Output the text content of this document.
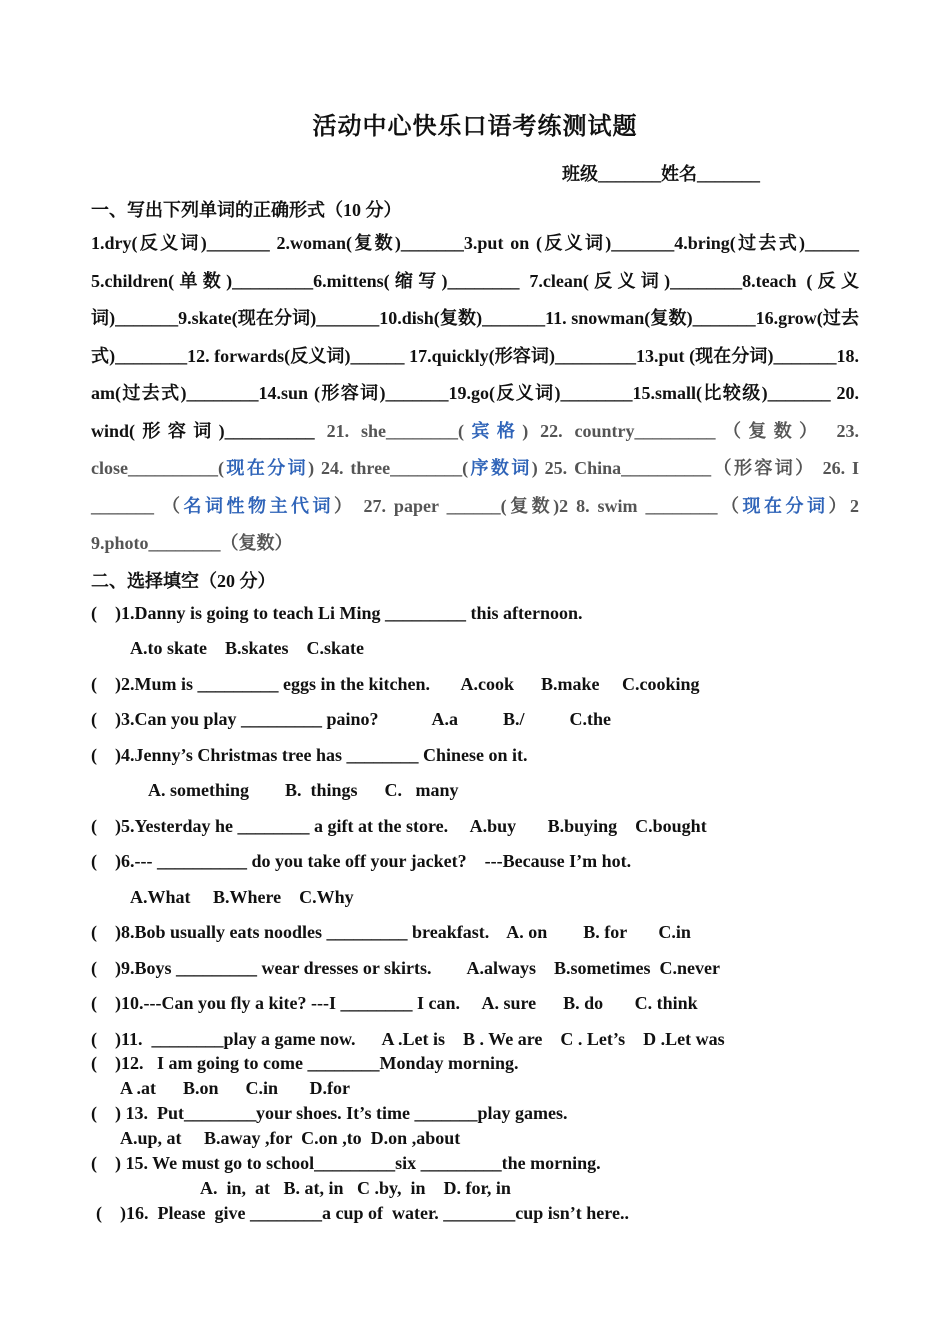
活动中心快乐口语考练测试题
班级_______姓名_______
一、写出下列单词的正确形式（10 分）
1.dry(反义词)_______ 2.woman(复数)_______3.put on (反义词)_______4.bring(过去式)______ 5.children(单数)_________6.mittens(缩写)________ 7.clean(反义词)________8.teach (反义词)_______9.skate(现在分词)_______10.dish(复数)_______11. snowman(复数)_______16.grow(过去式)________12. forwards(反义词)______ 17.quickly(形容词)_________13.put (现在分词)_______18. am(过去式)________14.sun (形容词)_______19.go(反义词)________15.small(比较级)_______ 20. wind(形容词)__________ 21. she________(宾格) 22. country_________（复数） 23. close__________(现在分词) 24. three________(序数词) 25. China__________（形容词） 26. I _______ （名词性物主代词） 27. paper ______(复数)2 8. swim ________（现在分词）2 9.photo________（复数）
二、选择填空（20 分）
(    )1.Danny is going to teach Li Ming _________ this afternoon.
A.to skate    B.skates    C.skate
(    )2.Mum is _________ eggs in the kitchen.       A.cook      B.make     C.cooking
(    )3.Can you play _________ paino?            A.a          B./          C.the
(    )4.Jenny’s Christmas tree has ________ Chinese on it.
A. something        B.  things      C.   many
(    )5.Yesterday he ________ a gift at the store.     A.buy       B.buying    C.bought
(    )6.--- __________ do you take off your jacket?    ---Because I’m hot.
A.What     B.Where    C.Why
(    )8.Bob usually eats noodles _________ breakfast.    A. on        B. for       C.in
(    )9.Boys _________ wear dresses or skirts.        A.always    B.sometimes  C.never
(    )10.---Can you fly a kite? ---I ________ I can.     A. sure      B. do       C. think
(    )11.  ________play a game now.      A .Let is    B . We are    C . Let’s    D .Let was
(    )12.   I am going to come ________Monday morning.
A .at      B.on      C.in       D.for
(    ) 13.  Put________your shoes. It’s time _______play games.
A.up, at     B.away ,for  C.on ,to  D.on ,about
(    ) 15. We must go to school_________six _________the morning.
A.  in,  at   B. at, in   C .by,  in    D. for, in
(    )16.  Please  give ________a cup of  water. ________cup isn’t here..
